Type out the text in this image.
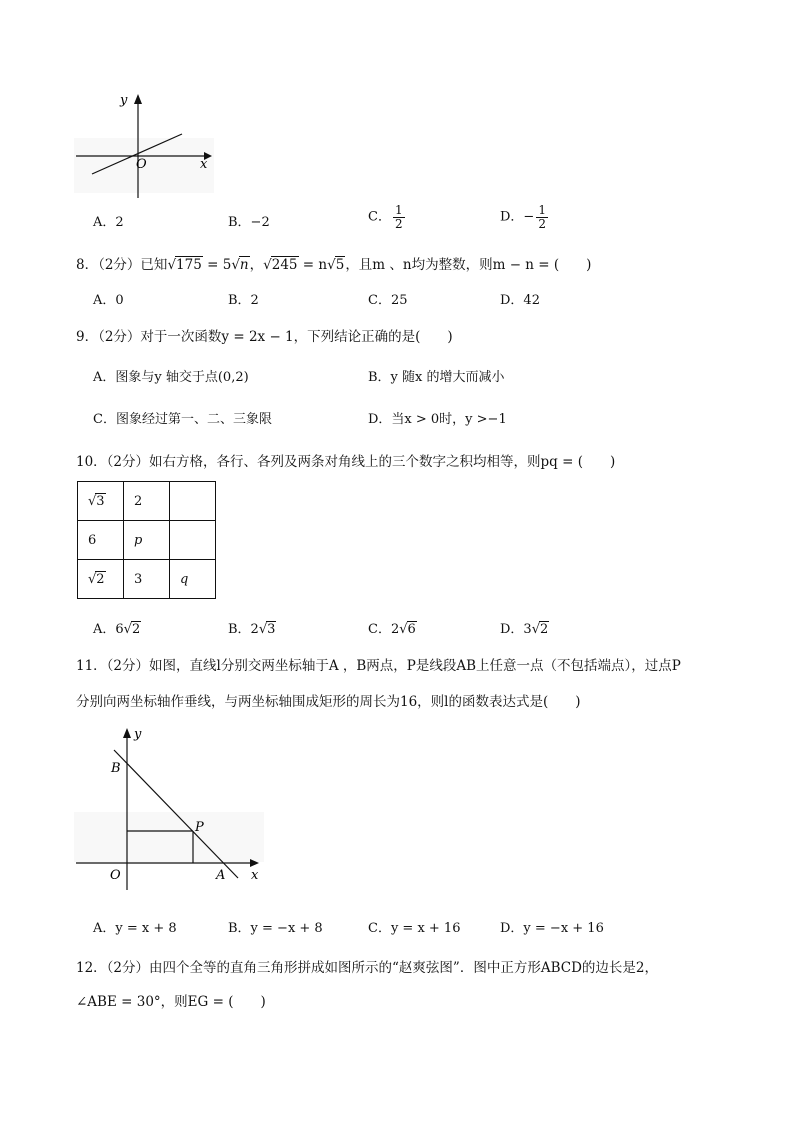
y
O	x
A．2	B．−2	C． $\frac{1}{2}$	D．− $\frac{1}{2}$
8．（2分）已知√175 = 5√n，√245 = n√5，且m 、n均为整数，则m − n = (　　)
A．0	B．2	C．25	D．42
9．（2分）对于一次函数y = 2x − 1，下列结论正确的是(　　)
A．图象与y 轴交于点(0,2)	B．y 随x 的增大而减小
C．图象经过第一、二、三象限	D．当x > 0时，y >−1
10．（2分）如右方格，各行、各列及两条对角线上的三个数字之积均相等，则pq = (　　)
√3	2	
6	p	
√2	3	q
A．6√2	B．2√3	C．2√6	D．3√2
11．（2分）如图，直线l分别交两坐标轴于A ，B两点，P是线段AB上任意一点（不包括端点），过点P
分别向两坐标轴作垂线，与两坐标轴围成矩形的周长为16，则l的函数表达式是(　　)
y
B
P
O	A x
A．y = x + 8	B．y = −x + 8	C．y = x + 16	D．y = −x + 16
12．（2分）由四个全等的直角三角形拼成如图所示的“赵爽弦图”．图中正方形ABCD的边长是2，
∠ABE = 30°，则EG = (　　)
